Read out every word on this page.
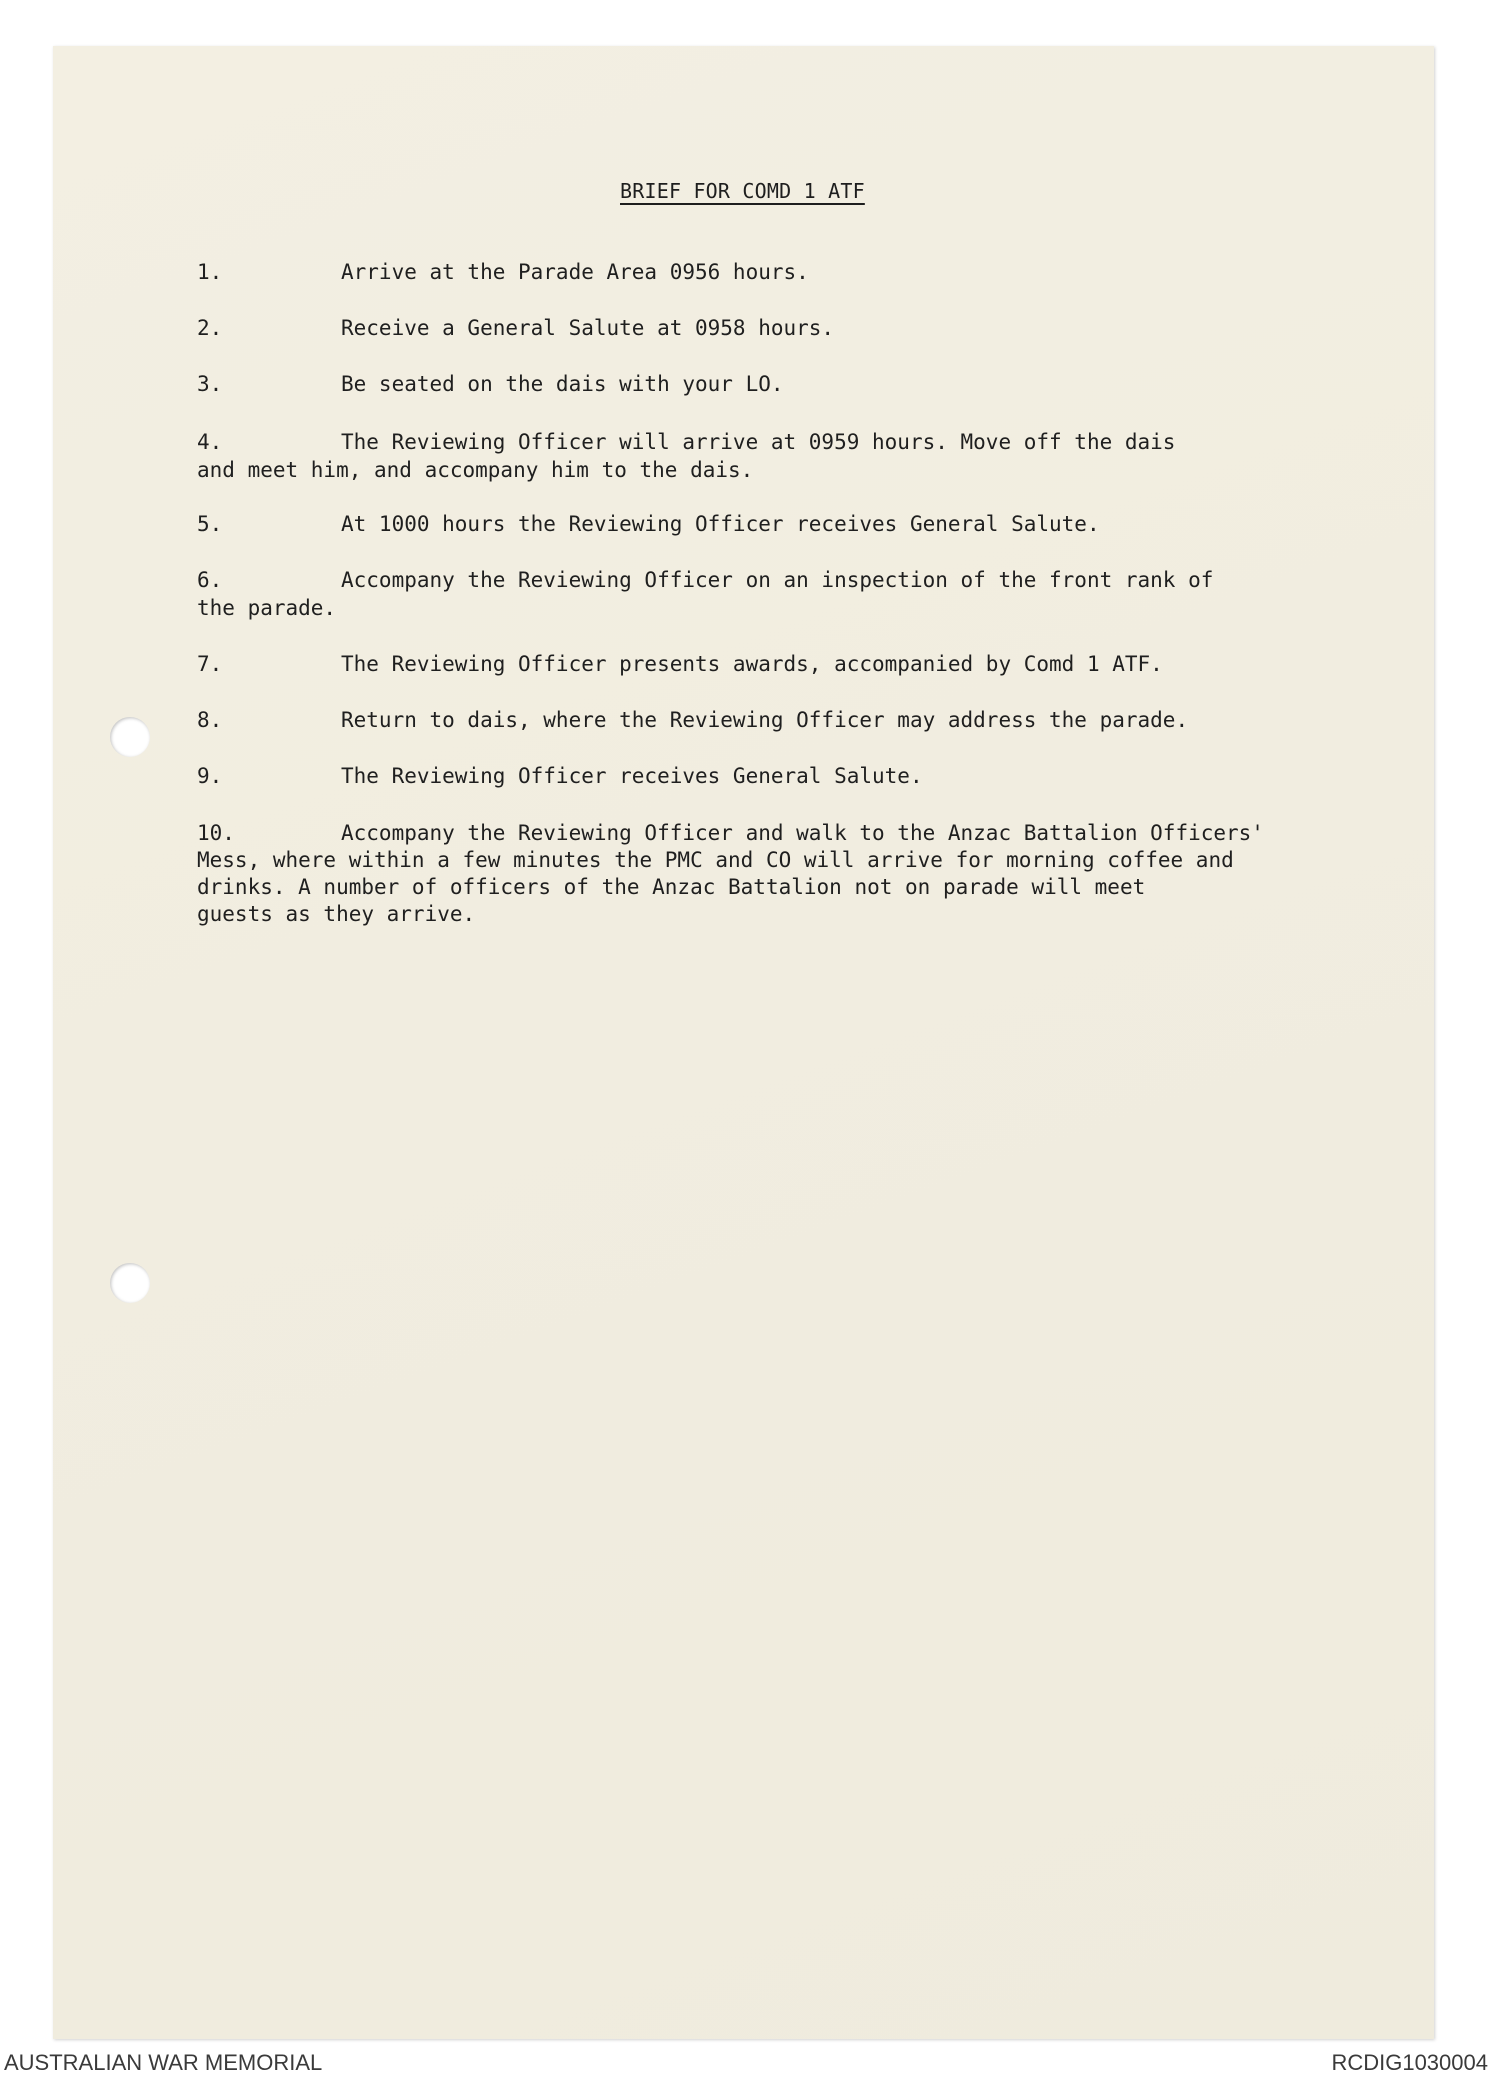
BRIEF FOR COMD 1 ATF
1.	Arrive at the Parade Area 0956 hours.
2.	Receive a General Salute at 0958 hours.
3.	Be seated on the dais with your LO.
4.	The Reviewing Officer will arrive at 0959 hours. Move off the dais
and meet him, and accompany him to the dais.
5.	At 1000 hours the Reviewing Officer receives General Salute.
6.	Accompany the Reviewing Officer on an inspection of the front rank of
the parade.
7.	The Reviewing Officer presents awards, accompanied by Comd 1 ATF.
8.	Return to dais, where the Reviewing Officer may address the parade.
9.	The Reviewing Officer receives General Salute.
10.	Accompany the Reviewing Officer and walk to the Anzac Battalion Officers'
Mess, where within a few minutes the PMC and CO will arrive for morning coffee and
drinks. A number of officers of the Anzac Battalion not on parade will meet
guests as they arrive.
AUSTRALIAN WAR MEMORIAL	RCDIG1030004
